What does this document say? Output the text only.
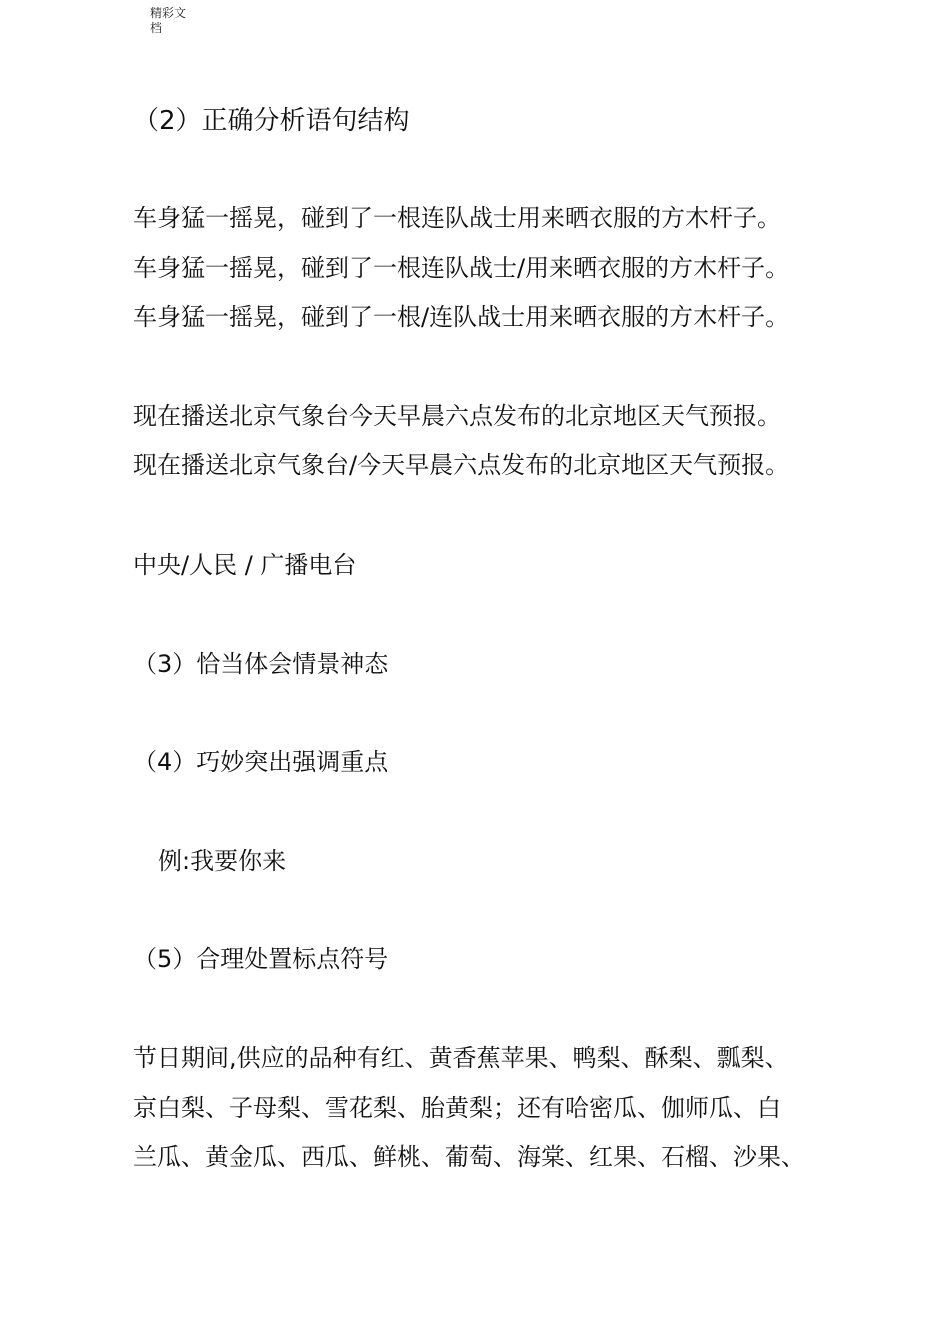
精彩文
档
（2）正确分析语句结构
车身猛一摇晃，碰到了一根连队战士用来晒衣服的方木杆子。
车身猛一摇晃，碰到了一根连队战士/用来晒衣服的方木杆子。
车身猛一摇晃，碰到了一根/连队战士用来晒衣服的方木杆子。
现在播送北京气象台今天早晨六点发布的北京地区天气预报。
现在播送北京气象台/今天早晨六点发布的北京地区天气预报。
中央/人民 / 广播电台
（3）恰当体会情景神态
（4）巧妙突出强调重点
例:我要你来
（5）合理处置标点符号
节日期间,供应的品种有红、黄香蕉苹果、鸭梨、酥梨、瓢梨、
京白梨、子母梨、雪花梨、胎黄梨；还有哈密瓜、伽师瓜、白
兰瓜、黄金瓜、西瓜、鲜桃、葡萄、海棠、红果、石榴、沙果、
